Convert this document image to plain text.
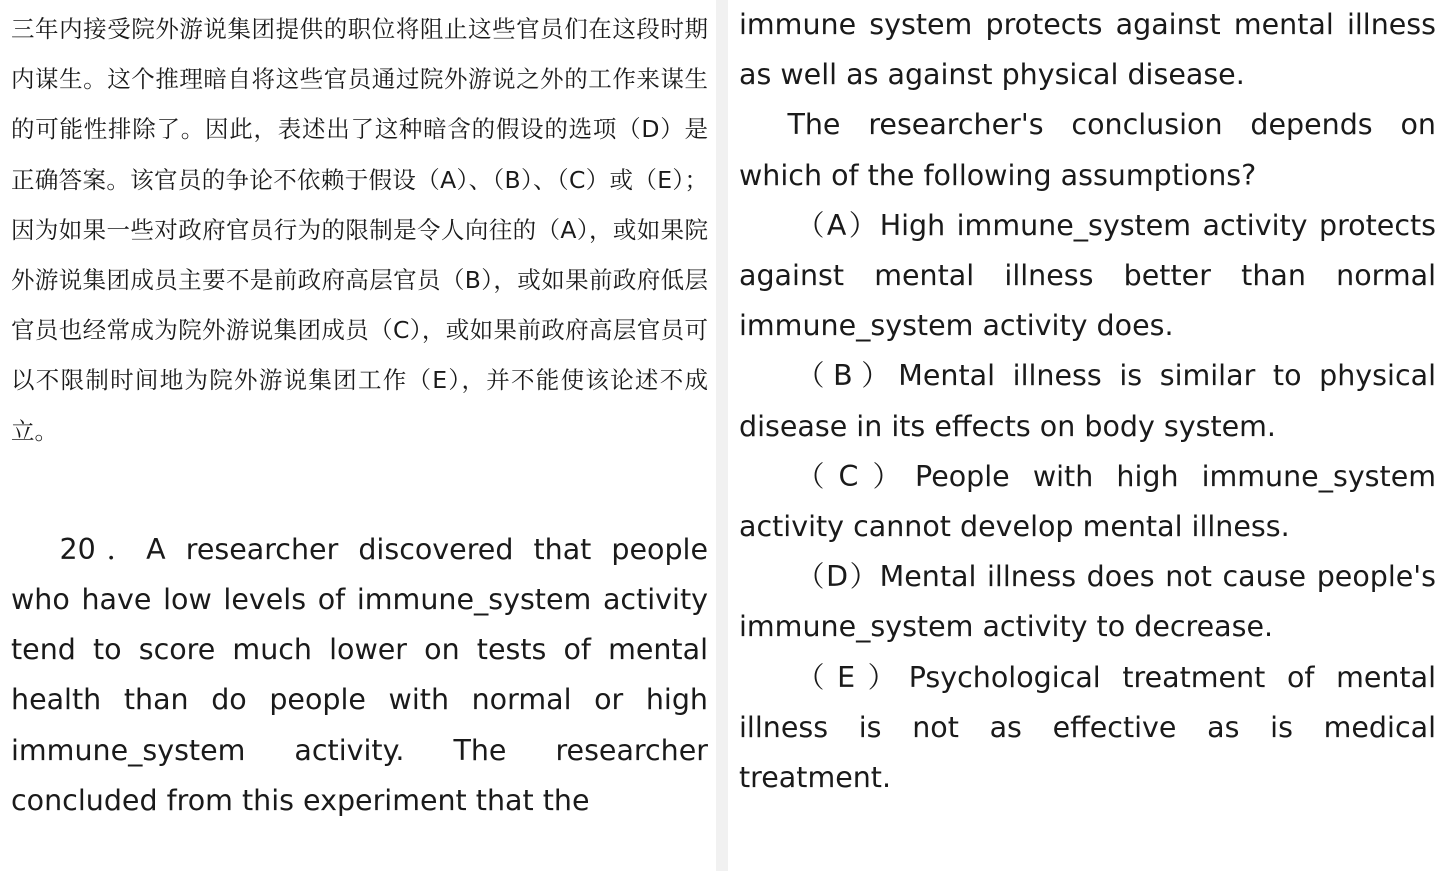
三年内接受院外游说集团提供的职位将阻止这些官员们在这段时期内谋生。这个推理暗自将这些官员通过院外游说之外的工作来谋生的可能性排除了。因此，表述出了这种暗含的假设的选项（D）是正确答案。该官员的争论不依赖于假设（A）、（B）、（C）或（E）；因为如果一些对政府官员行为的限制是令人向往的（A），或如果院外游说集团成员主要不是前政府高层官员（B），或如果前政府低层官员也经常成为院外游说集团成员（C），或如果前政府高层官员可以不限制时间地为院外游说集团工作（E），并不能使该论述不成立。

20．A researcher discovered that people who have low levels of immune_system activity tend to score much lower on tests of mental health than do people with normal or high immune_system activity. The researcher concluded from this experiment that the

immune system protects against mental illness as well as against physical disease.

The researcher's conclusion depends on which of the following assumptions?

（A）High immune_system activity protects against mental illness better than normal immune_system activity does.

（B）Mental illness is similar to physical disease in its effects on body system.

（C）People with high immune_system activity cannot develop mental illness.

（D）Mental illness does not cause people's immune_system activity to decrease.

（E）Psychological treatment of mental illness is not as effective as is medical treatment.
